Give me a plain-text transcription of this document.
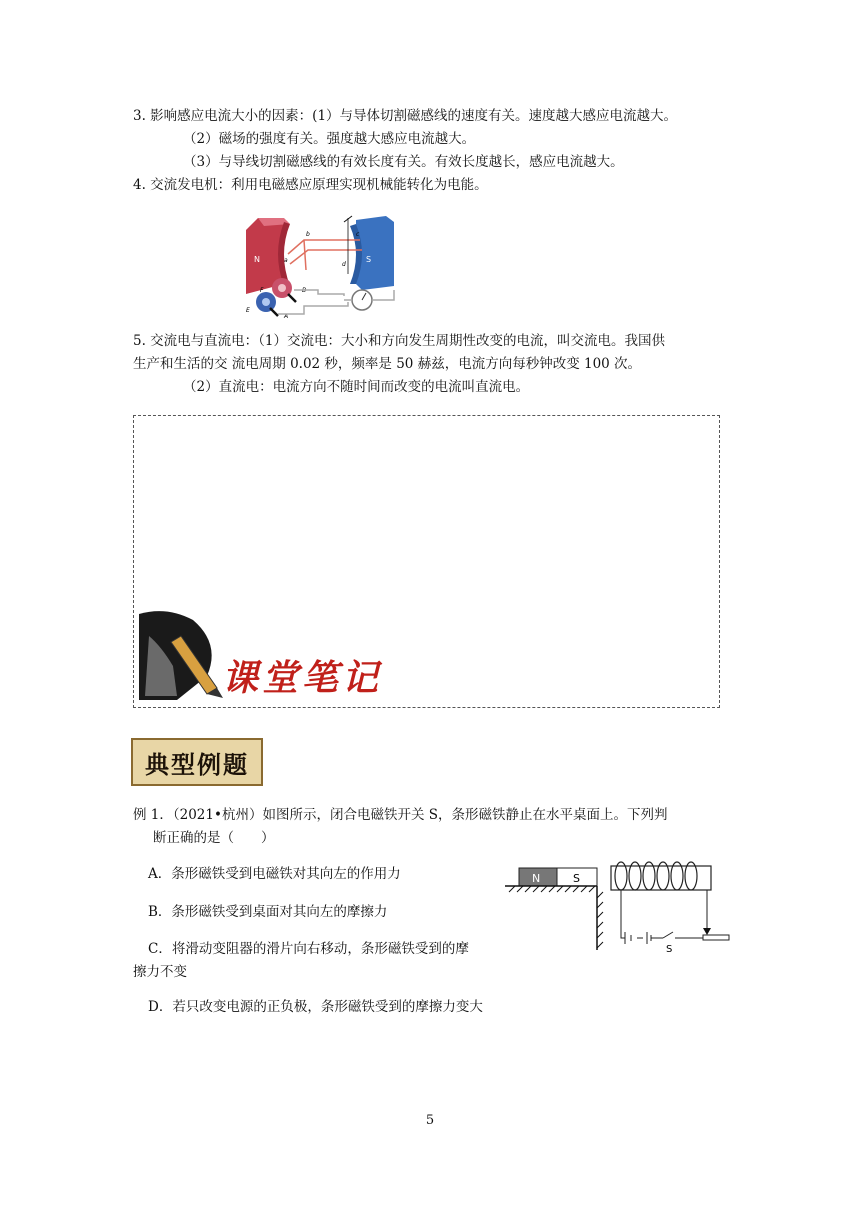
3. 影响感应电流大小的因素：(1）与导体切割磁感线的速度有关。速度越大感应电流越大。
（2）磁场的强度有关。强度越大感应电流越大。
（3）与导线切割磁感线的有效长度有关。有效长度越长，感应电流越大。
4. 交流发电机：利用电磁感应原理实现机械能转化为电能。
N	S
b	c
a
d
F
E
A
B
5. 交流电与直流电：（1）交流电：大小和方向发生周期性改变的电流，叫交流电。我国供
生产和生活的交 流电周期 0.02 秒，频率是 50 赫兹，电流方向每秒钟改变 100 次。
（2）直流电：电流方向不随时间而改变的电流叫直流电。
课堂笔记
典型例题
例 1．（2021•杭州）如图所示，闭合电磁铁开关 S，条形磁铁静止在水平桌面上。下列判
断正确的是（　　）
A．条形磁铁受到电磁铁对其向左的作用力
B．条形磁铁受到桌面对其向左的摩擦力
C．将滑动变阻器的滑片向右移动，条形磁铁受到的摩
擦力不变
D．若只改变电源的正负极，条形磁铁受到的摩擦力变大
N	S
S
5
